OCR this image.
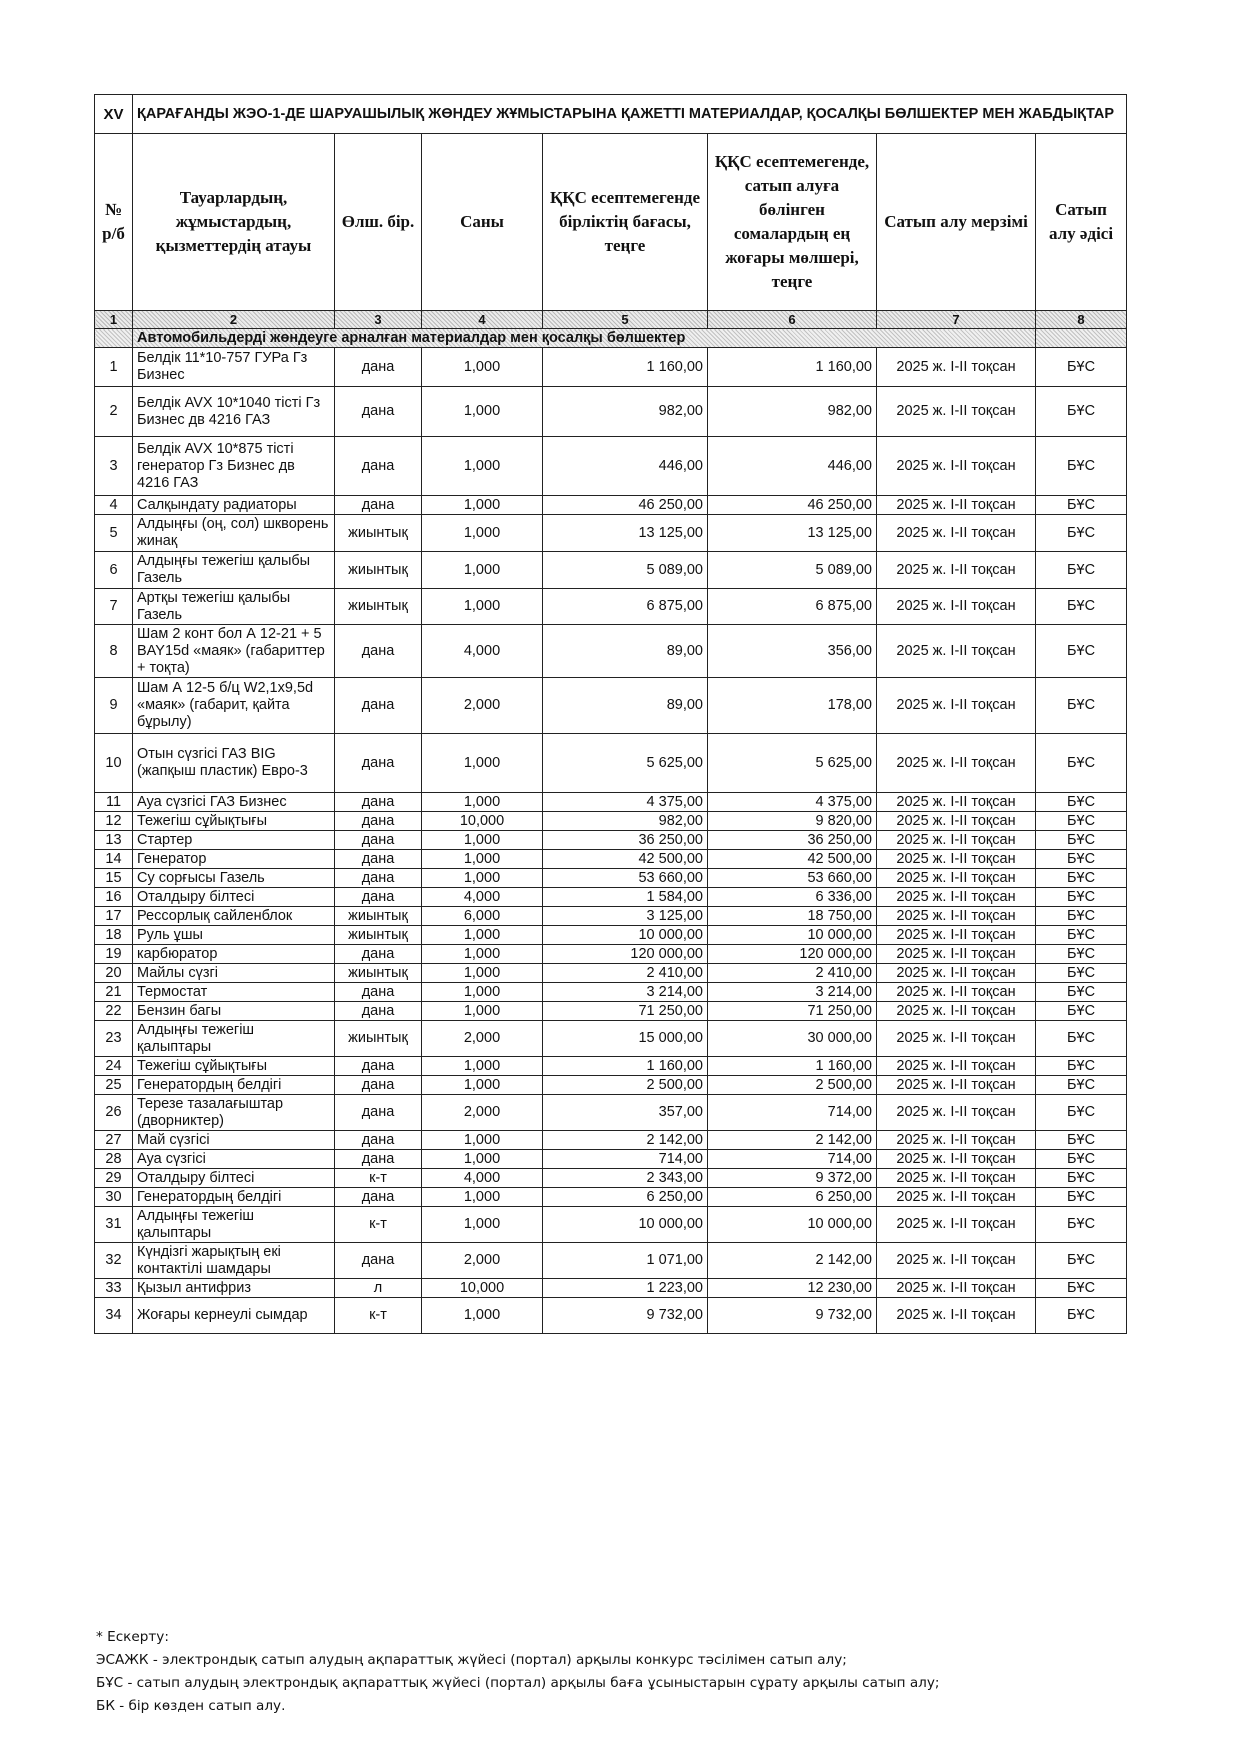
XV	ҚАРАҒАНДЫ ЖЭО-1-ДЕ ШАРУАШЫЛЫҚ ЖӨНДЕУ ЖҰМЫСТАРЫНА ҚАЖЕТТІ МАТЕРИАЛДАР, ҚОСАЛҚЫ БӨЛШЕКТЕР МЕН ЖАБДЫҚТАР						
№ р/б	Тауарлардың, жұмыстардың, қызметтердің атауы	Өлш. бір.	Саны	ҚҚС есептемегенде бірліктің бағасы, теңге	ҚҚС есептемегенде, сатып алуға бөлінген сомалардың ең жоғары мөлшері, теңге	Сатып алу мерзімі	Сатып алу әдісі
1	2	3	4	5	6	7	8
	Автомобильдерді жөндеуге арналған материалдар мен қосалқы бөлшектер						
1	Белдік 11*10-757 ГУРа Гз Бизнес	дана	1,000	1 160,00	1 160,00	2025 ж. I-II тоқсан	БҰС
2	Белдік AVX 10*1040 тісті Гз Бизнес дв 4216 ГАЗ	дана	1,000	982,00	982,00	2025 ж. I-II тоқсан	БҰС
3	Белдік AVX 10*875 тісті генератор Гз Бизнес дв 4216 ГАЗ	дана	1,000	446,00	446,00	2025 ж. I-II тоқсан	БҰС
4	Салқындату радиаторы	дана	1,000	46 250,00	46 250,00	2025 ж. I-II тоқсан	БҰС
5	Алдыңғы (оң, сол) шкворень жинақ	жиынтық	1,000	13 125,00	13 125,00	2025 ж. I-II тоқсан	БҰС
6	Алдыңғы тежегіш қалыбы Газель	жиынтық	1,000	5 089,00	5 089,00	2025 ж. I-II тоқсан	БҰС
7	Артқы тежегіш қалыбы Газель	жиынтық	1,000	6 875,00	6 875,00	2025 ж. I-II тоқсан	БҰС
8	Шам 2 конт бол А 12-21 + 5 BAY15d «маяк» (габариттер + тоқта)	дана	4,000	89,00	356,00	2025 ж. I-II тоқсан	БҰС
9	Шам А 12-5 б/ц W2,1x9,5d «маяк» (габарит, қайта бұрылу)	дана	2,000	89,00	178,00	2025 ж. I-II тоқсан	БҰС
10	Отын сүзгісі ГАЗ BIG (жапқыш пластик) Евро-3	дана	1,000	5 625,00	5 625,00	2025 ж. I-II тоқсан	БҰС
11	Ауа сүзгісі ГАЗ Бизнес	дана	1,000	4 375,00	4 375,00	2025 ж. I-II тоқсан	БҰС
12	Тежегіш сұйықтығы	дана	10,000	982,00	9 820,00	2025 ж. I-II тоқсан	БҰС
13	Стартер	дана	1,000	36 250,00	36 250,00	2025 ж. I-II тоқсан	БҰС
14	Генератор	дана	1,000	42 500,00	42 500,00	2025 ж. I-II тоқсан	БҰС
15	Су сорғысы Газель	дана	1,000	53 660,00	53 660,00	2025 ж. I-II тоқсан	БҰС
16	Оталдыру білтесі	дана	4,000	1 584,00	6 336,00	2025 ж. I-II тоқсан	БҰС
17	Рессорлық сайленблок	жиынтық	6,000	3 125,00	18 750,00	2025 ж. I-II тоқсан	БҰС
18	Руль ұшы	жиынтық	1,000	10 000,00	10 000,00	2025 ж. I-II тоқсан	БҰС
19	карбюратор	дана	1,000	120 000,00	120 000,00	2025 ж. I-II тоқсан	БҰС
20	Майлы сүзгі	жиынтық	1,000	2 410,00	2 410,00	2025 ж. I-II тоқсан	БҰС
21	Термостат	дана	1,000	3 214,00	3 214,00	2025 ж. I-II тоқсан	БҰС
22	Бензин багы	дана	1,000	71 250,00	71 250,00	2025 ж. I-II тоқсан	БҰС
23	Алдыңғы тежегіш қалыптары	жиынтық	2,000	15 000,00	30 000,00	2025 ж. I-II тоқсан	БҰС
24	Тежегіш сұйықтығы	дана	1,000	1 160,00	1 160,00	2025 ж. I-II тоқсан	БҰС
25	Генератордың белдігі	дана	1,000	2 500,00	2 500,00	2025 ж. I-II тоқсан	БҰС
26	Терезе тазалағыштар (дворниктер)	дана	2,000	357,00	714,00	2025 ж. I-II тоқсан	БҰС
27	Май сүзгісі	дана	1,000	2 142,00	2 142,00	2025 ж. I-II тоқсан	БҰС
28	Ауа сүзгісі	дана	1,000	714,00	714,00	2025 ж. I-II тоқсан	БҰС
29	Оталдыру білтесі	к-т	4,000	2 343,00	9 372,00	2025 ж. I-II тоқсан	БҰС
30	Генератордың белдігі	дана	1,000	6 250,00	6 250,00	2025 ж. I-II тоқсан	БҰС
31	Алдыңғы тежегіш қалыптары	к-т	1,000	10 000,00	10 000,00	2025 ж. I-II тоқсан	БҰС
32	Күндізгі жарықтың екі контактілі шамдары	дана	2,000	1 071,00	2 142,00	2025 ж. I-II тоқсан	БҰС
33	Қызыл антифриз	л	10,000	1 223,00	12 230,00	2025 ж. I-II тоқсан	БҰС
34	Жоғары кернеулі сымдар	к-т	1,000	9 732,00	9 732,00	2025 ж. I-II тоқсан	БҰС
* Ескерту:
ЭСАЖК - электрондық сатып алудың ақпараттық жүйесі (портал) арқылы конкурс тәсілімен сатып алу;
БҰС - сатып алудың электрондық ақпараттық жүйесі (портал) арқылы баға ұсыныстарын сұрату арқылы сатып алу;
БК - бір көзден сатып алу.
